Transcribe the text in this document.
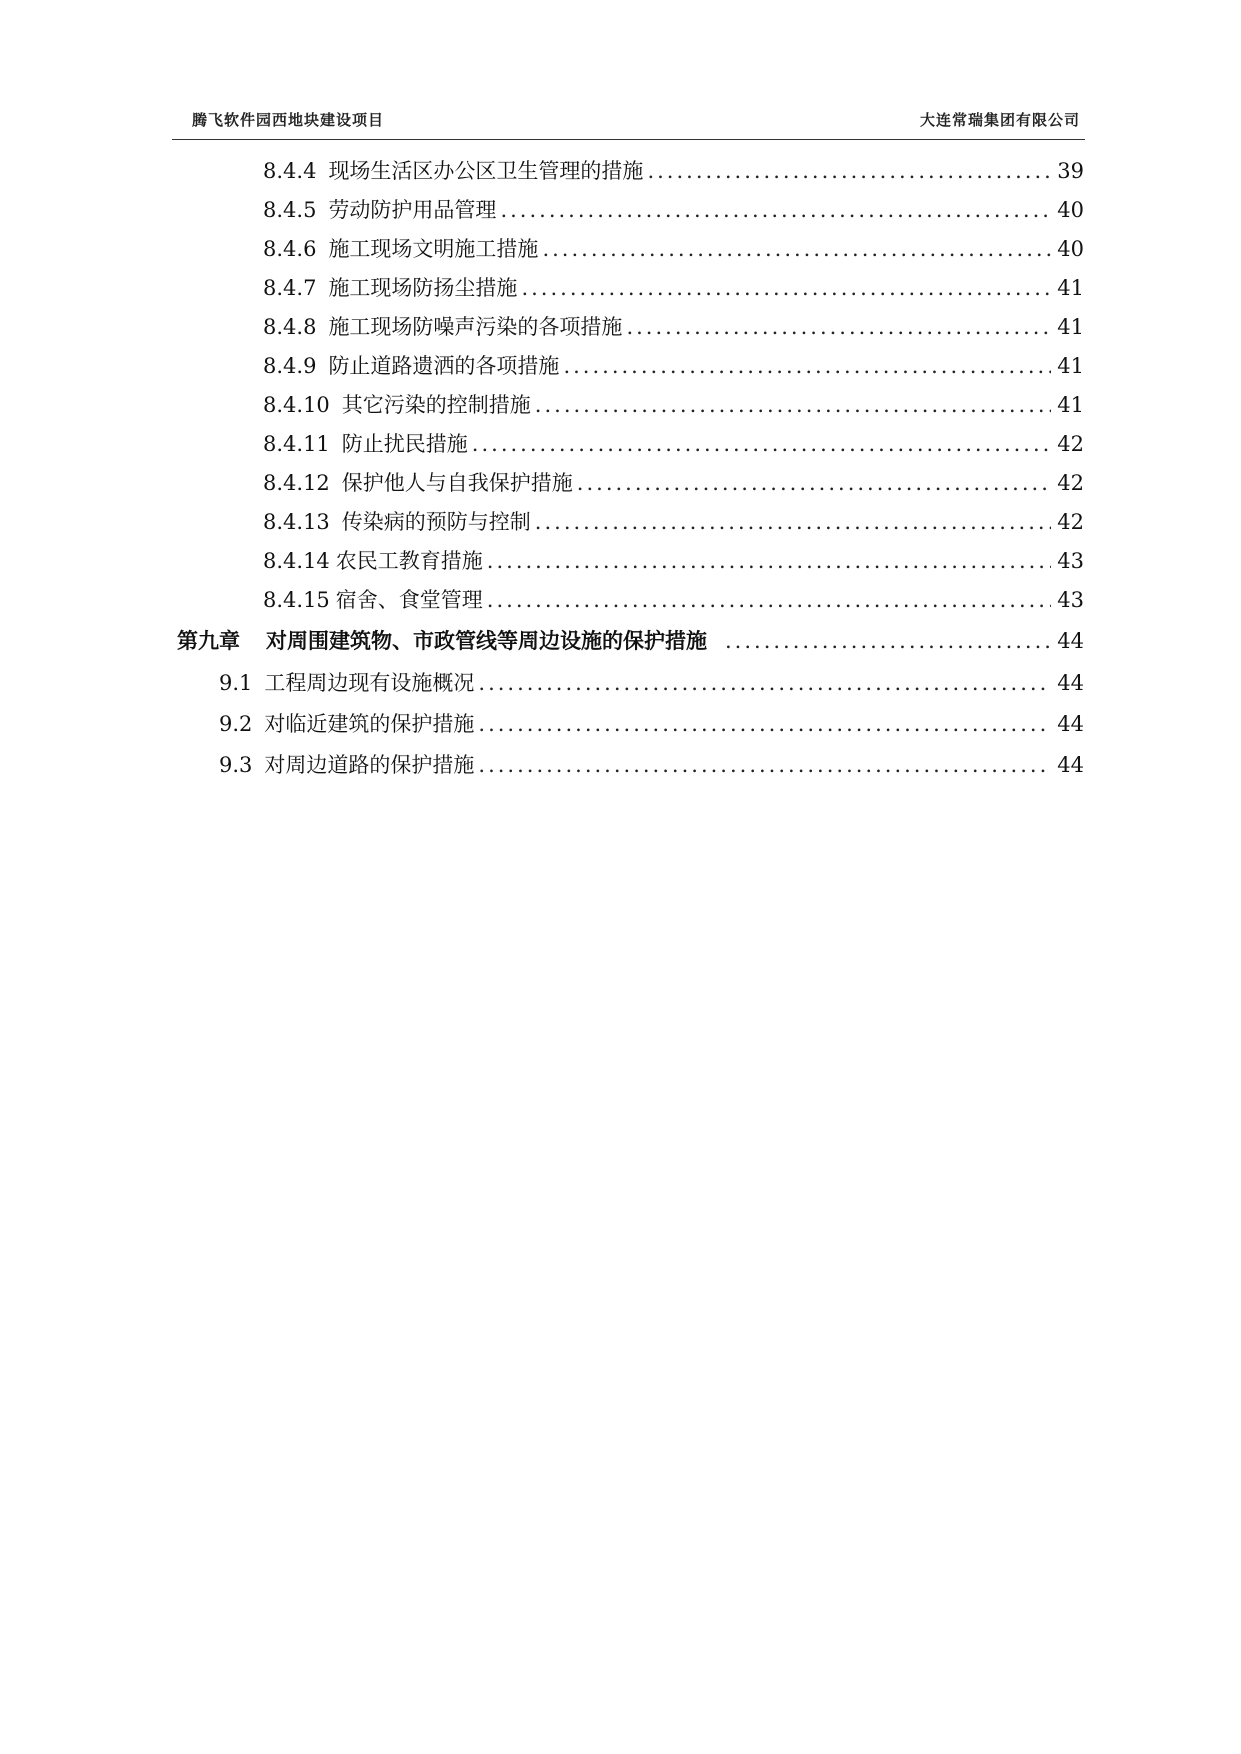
腾飞软件园西地块建设项目	大连常瑞集团有限公司
8.4.4 现场生活区办公区卫生管理的措施 .....	39
8.4.5 劳动防护用品管理 .....	40
8.4.6 施工现场文明施工措施 .....	40
8.4.7 施工现场防扬尘措施 .....	41
8.4.8 施工现场防噪声污染的各项措施 .....	41
8.4.9 防止道路遗洒的各项措施 .....	41
8.4.10 其它污染的控制措施 .....	41
8.4.11 防止扰民措施 .....	42
8.4.12 保护他人与自我保护措施 .....	42
8.4.13 传染病的预防与控制 .....	42
8.4.14 农民工教育措施 .....	43
8.4.15 宿舍、食堂管理 .....	43
第九章 对周围建筑物、市政管线等周边设施的保护措施 .....	44
9.1 工程周边现有设施概况 .....	44
9.2 对临近建筑的保护措施 .....	44
9.3 对周边道路的保护措施 .....	44
